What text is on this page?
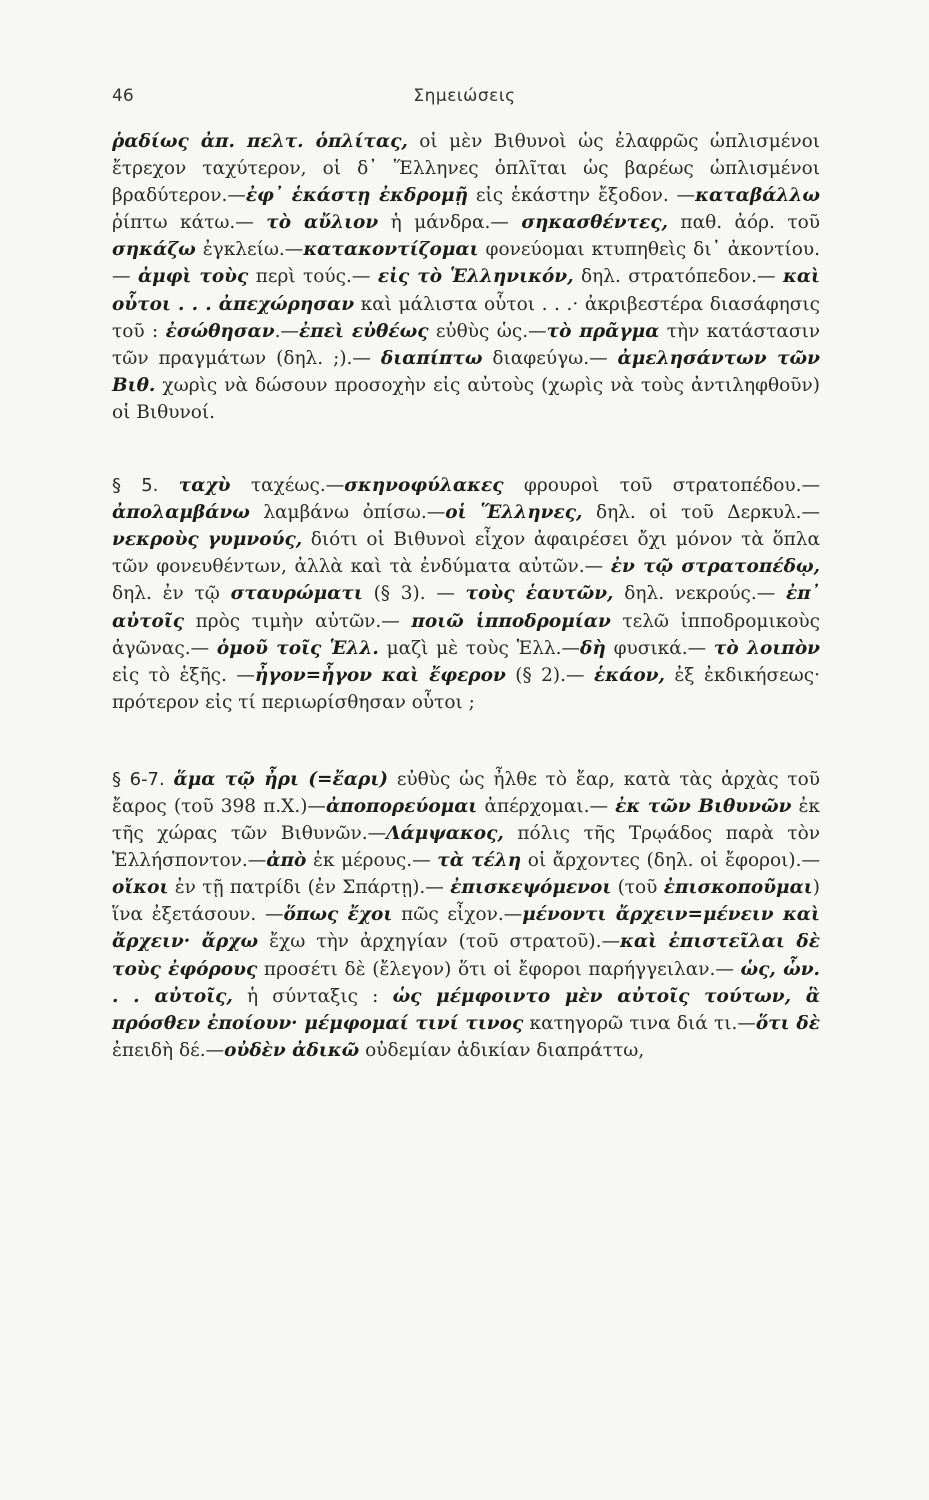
46	Σημειώσεις

ῥαδίως ἀπ. πελτ. ὁπλίτας, οἱ μὲν Βιθυνοὶ ὡς ἐλαφρῶς ὡπλισμένοι ἔτρεχον ταχύτερον, οἱ δ᾽ Ἕλληνες ὁπλῖται ὡς βαρέως ὡπλισμένοι βραδύτερον.—ἐφ᾽ ἑκάστῃ ἐκδρομῇ εἰς ἑκάστην ἔξοδον. —καταβάλλω ῥίπτω κάτω.— τὸ αὔλιον ἡ μάνδρα.— σηκασθέντες, παθ. ἀόρ. τοῦ σηκάζω ἐγκλείω.—κατακοντίζομαι φονεύομαι κτυπηθεὶς δι᾽ ἀκοντίου.— ἀμφὶ τοὺς περὶ τούς.— εἰς τὸ Ἑλληνικόν, δηλ. στρατόπεδον.— καὶ οὗτοι . . . ἀπεχώρησαν καὶ μάλιστα οὗτοι . . .· ἀκριβεστέρα διασάφησις τοῦ : ἐσώθησαν.—ἐπεὶ εὐθέως εὐθὺς ὡς.—τὸ πρᾶγμα τὴν κατάστασιν τῶν πραγμάτων (δηλ. ;).— διαπίπτω διαφεύγω.— ἀμελησάντων τῶν Βιθ. χωρὶς νὰ δώσουν προσοχὴν εἰς αὐτοὺς (χωρὶς νὰ τοὺς ἀντιληφθοῦν) οἱ Βιθυνοί.

§ 5. ταχὺ ταχέως.—σκηνοφύλακες φρουροὶ τοῦ στρατοπέδου.—ἀπολαμβάνω λαμβάνω ὀπίσω.—οἱ Ἕλληνες, δηλ. οἱ τοῦ Δερκυλ.— νεκροὺς γυμνούς, διότι οἱ Βιθυνοὶ εἶχον ἀφαιρέσει ὄχι μόνον τὰ ὅπλα τῶν φονευθέντων, ἀλλὰ καὶ τὰ ἐνδύματα αὐτῶν.— ἐν τῷ στρατοπέδῳ, δηλ. ἐν τῷ σταυρώματι (§ 3). — τοὺς ἑαυτῶν, δηλ. νεκρούς.— ἐπ᾽ αὐτοῖς πρὸς τιμὴν αὐτῶν.— ποιῶ ἱπποδρομίαν τελῶ ἱπποδρομικοὺς ἀγῶνας.— ὁμοῦ τοῖς Ἑλλ. μαζὶ μὲ τοὺς Ἑλλ.—δὴ φυσικά.— τὸ λοιπὸν εἰς τὸ ἑξῆς. —ἦγον=ἦγον καὶ ἔφερον (§ 2).— ἑκάον, ἐξ ἐκδικήσεως· πρότερον εἰς τί περιωρίσθησαν οὗτοι ;

§ 6-7. ἅμα τῷ ἦρι (=ἔαρι) εὐθὺς ὡς ἦλθε τὸ ἔαρ, κατὰ τὰς ἀρχὰς τοῦ ἔαρος (τοῦ 398 π.Χ.)—ἀποπορεύομαι ἀπέρχομαι.— ἐκ τῶν Βιθυνῶν ἐκ τῆς χώρας τῶν Βιθυνῶν.—Λάμψακος, πόλις τῆς Τρῳάδος παρὰ τὸν Ἑλλήσποντον.—ἀπὸ ἐκ μέρους.— τὰ τέλη οἱ ἄρχοντες (δηλ. οἱ ἔφοροι).— οἴκοι ἐν τῇ πατρίδι (ἐν Σπάρτῃ).— ἐπισκεψόμενοι (τοῦ ἐπισκοποῦμαι) ἵνα ἐξετάσουν. —ὅπως ἔχοι πῶς εἶχον.—μένοντι ἄρχειν=μένειν καὶ ἄρχειν· ἄρχω ἔχω τὴν ἀρχηγίαν (τοῦ στρατοῦ).—καὶ ἐπιστεῖλαι δὲ τοὺς ἐφόρους προσέτι δὲ (ἔλεγον) ὅτι οἱ ἔφοροι παρήγγειλαν.— ὡς, ὧν. . . αὐτοῖς, ἡ σύνταξις : ὡς μέμφοιντο μὲν αὐτοῖς τούτων, ἃ πρόσθεν ἐποίουν· μέμφομαί τινί τινος κατηγορῶ τινα διά τι.—ὅτι δὲ ἐπειδὴ δέ.—οὐδὲν ἀδικῶ οὐδεμίαν ἀδικίαν διαπράττω,
